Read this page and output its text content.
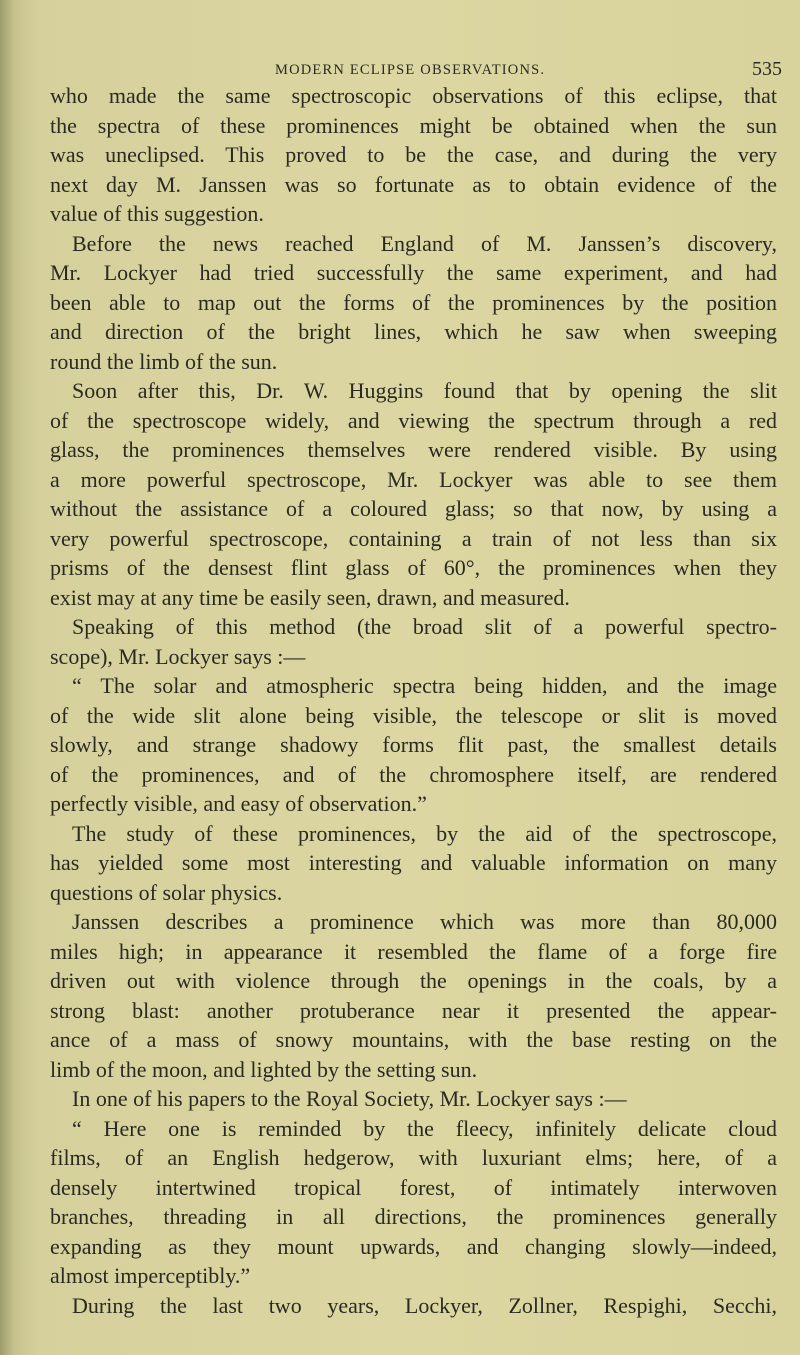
MODERN ECLIPSE OBSERVATIONS.	535
who made the same spectroscopic observations of this eclipse, that
the spectra of these prominences might be obtained when the sun
was uneclipsed. This proved to be the case, and during the very
next day M. Janssen was so fortunate as to obtain evidence of the
value of this suggestion.
Before the news reached England of M. Janssen’s discovery,
Mr. Lockyer had tried successfully the same experiment, and had
been able to map out the forms of the prominences by the position
and direction of the bright lines, which he saw when sweeping
round the limb of the sun.
Soon after this, Dr. W. Huggins found that by opening the slit
of the spectroscope widely, and viewing the spectrum through a red
glass, the prominences themselves were rendered visible. By using
a more powerful spectroscope, Mr. Lockyer was able to see them
without the assistance of a coloured glass; so that now, by using a
very powerful spectroscope, containing a train of not less than six
prisms of the densest flint glass of 60°, the prominences when they
exist may at any time be easily seen, drawn, and measured.
Speaking of this method (the broad slit of a powerful spectro-
scope), Mr. Lockyer says :—
“ The solar and atmospheric spectra being hidden, and the image
of the wide slit alone being visible, the telescope or slit is moved
slowly, and strange shadowy forms flit past, the smallest details
of the prominences, and of the chromosphere itself, are rendered
perfectly visible, and easy of observation.”
The study of these prominences, by the aid of the spectroscope,
has yielded some most interesting and valuable information on many
questions of solar physics.
Janssen describes a prominence which was more than 80,000
miles high; in appearance it resembled the flame of a forge fire
driven out with violence through the openings in the coals, by a
strong blast: another protuberance near it presented the appear-
ance of a mass of snowy mountains, with the base resting on the
limb of the moon, and lighted by the setting sun.
In one of his papers to the Royal Society, Mr. Lockyer says :—
“ Here one is reminded by the fleecy, infinitely delicate cloud
films, of an English hedgerow, with luxuriant elms; here, of a
densely intertwined tropical forest, of intimately interwoven
branches, threading in all directions, the prominences generally
expanding as they mount upwards, and changing slowly—indeed,
almost imperceptibly.”
During the last two years, Lockyer, Zollner, Respighi, Secchi,
